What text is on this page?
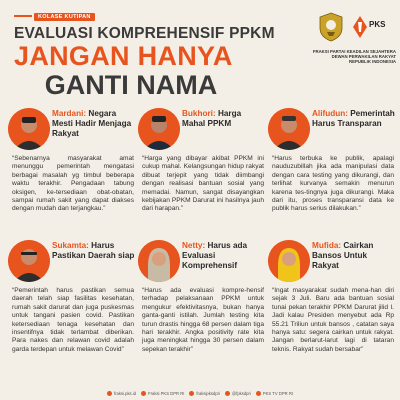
KOLASE KUTIPAN
EVALUASI KOMPREHENSIF PPKM
JANGAN HANYA
GANTI NAMA
PKS
FRAKSI PARTAI KEADILAN SEJAHTERA
DEWAN PERWAKILAN RAKYAT
REPUBLIK INDONESIA
Mardani: Negara Mesti Hadir Menjaga Rakyat
“Sebenarnya masyarakat amat menunggu pemerintah mengatasi berbagai masalah yg timbul beberapa waktu terakhir. Pengadaan tabung oksigen, ke-tersediaan obat-obatan, sampai rumah sakit yang dapat diakses dengan mudah dan terjangkau.”
Bukhori: Harga Mahal PPKM
“Harga yang dibayar akibat PPKM ini cukup mahal. Kelangsungan hidup rakyat dibuat terjepit yang tidak diimbangi dengan realisasi bantuan sosial yang memadai. Namun, sangat disayangkan kebijakan PPKM Darurat ini hasilnya jauh dari harapan.”
Alifudun: Pemerintah Harus Transparan
“Harus terbuka ke publik, apalagi nauduzubillah jika ada manipulasi data dengan cara testing yang dikurangi, dan terlihat kurvanya semakin menurun karena tes-tingnya juga dikurangi. Maka dari itu, proses transparansi data ke publik harus serius dilakukan.”
Sukamta: Harus Pastikan Daerah siap
“Pemerintah harus pastikan semua daerah telah siap fasilitas kesehatan, rumah sakit darurat dan juga puskesmas untuk tangani pasien covid. Pastikan ketersediaan tenaga kesehatan dan insentifnya tidak terlambat diberikan. Para nakes dan relawan covid adalah garda terdepan untuk melawan Covid”
Netty: Harus ada Evaluasi Komprehensif
“Harus ada evaluasi kompre-hensif terhadap pelaksanaan PPKM untuk mengukur efektivitasnya, bukan hanya ganta-ganti istilah. Jumlah testing kita turun drastis hingga 68 persen dalam tiga hari terakhir. Angka positivity rate kita juga meningkat hingga 30 persen dalam sepekan terakhir”
Mufida: Cairkan Bansos Untuk Rakyat
“Ingat masyarakat sudah mena-han diri sejak 3 Juli. Baru ada bantuan sosial tunai pekan terakhir PPKM Darurat jilid I. Jadi kalau Presiden menyebut ada Rp 55.21 Triliun untuk bansos , catatan saya hanya satu: segera cairkan untuk rakyat. Jangan berlarut-larut lagi di tataran teknis. Rakyat sudah bersabar”
fraksi.pks.id	Fraksi PKS DPR RI	fraksipksdpri	@fpksdpri	PKS TV DPR RI
